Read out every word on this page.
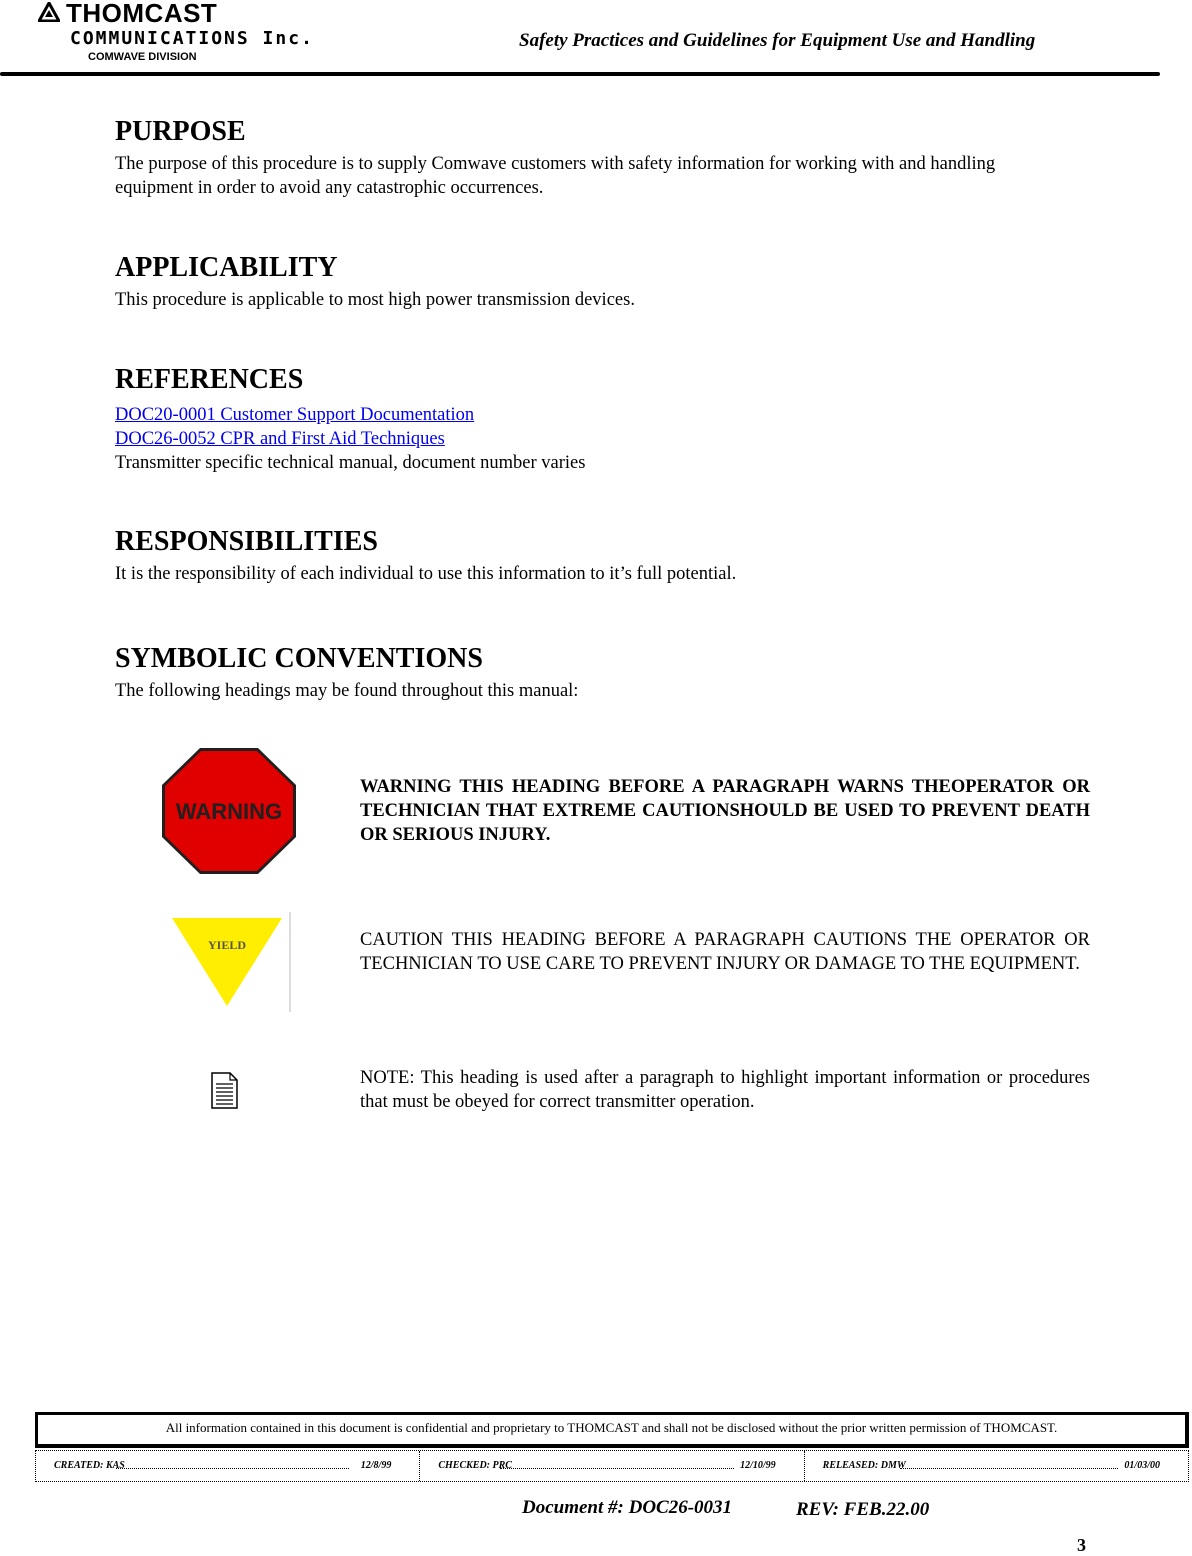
THOMCAST
COMMUNICATIONS Inc.
COMWAVE DIVISION
Safety Practices and Guidelines for Equipment Use and Handling
PURPOSE

The purpose of this procedure is to supply Comwave customers with safety information for working with and handling equipment in order to avoid any catastrophic occurrences.

APPLICABILITY

This procedure is applicable to most high power transmission devices.

REFERENCES
DOC20-0001 Customer Support Documentation
DOC26-0052 CPR and First Aid Techniques
Transmitter specific technical manual, document number varies
RESPONSIBILITIES

It is the responsibility of each individual to use this information to it’s full potential.

SYMBOLIC CONVENTIONS

The following headings may be found throughout this manual:

WARNING
WARNING THIS HEADING BEFORE A PARAGRAPH WARNS THEOPERATOR OR TECHNICIAN THAT EXTREME CAUTIONSHOULD BE USED TO PREVENT DEATH OR SERIOUS INJURY.
YIELD	CAUTION THIS HEADING BEFORE A PARAGRAPH CAUTIONS THE OPERATOR OR TECHNICIAN TO USE CARE TO PREVENT INJURY OR DAMAGE TO THE EQUIPMENT.
NOTE: This heading is used after a paragraph to highlight important information or procedures that must be obeyed for correct transmitter operation.
All information contained in this document is confidential and proprietary to THOMCAST and shall not be disclosed without the prior written permission of THOMCAST.
CREATED: KAS	12/8/99	CHECKED: PRC	12/10/99	RELEASED: DMW	01/03/00
Document #: DOC26-0031	REV: FEB.22.00
3
